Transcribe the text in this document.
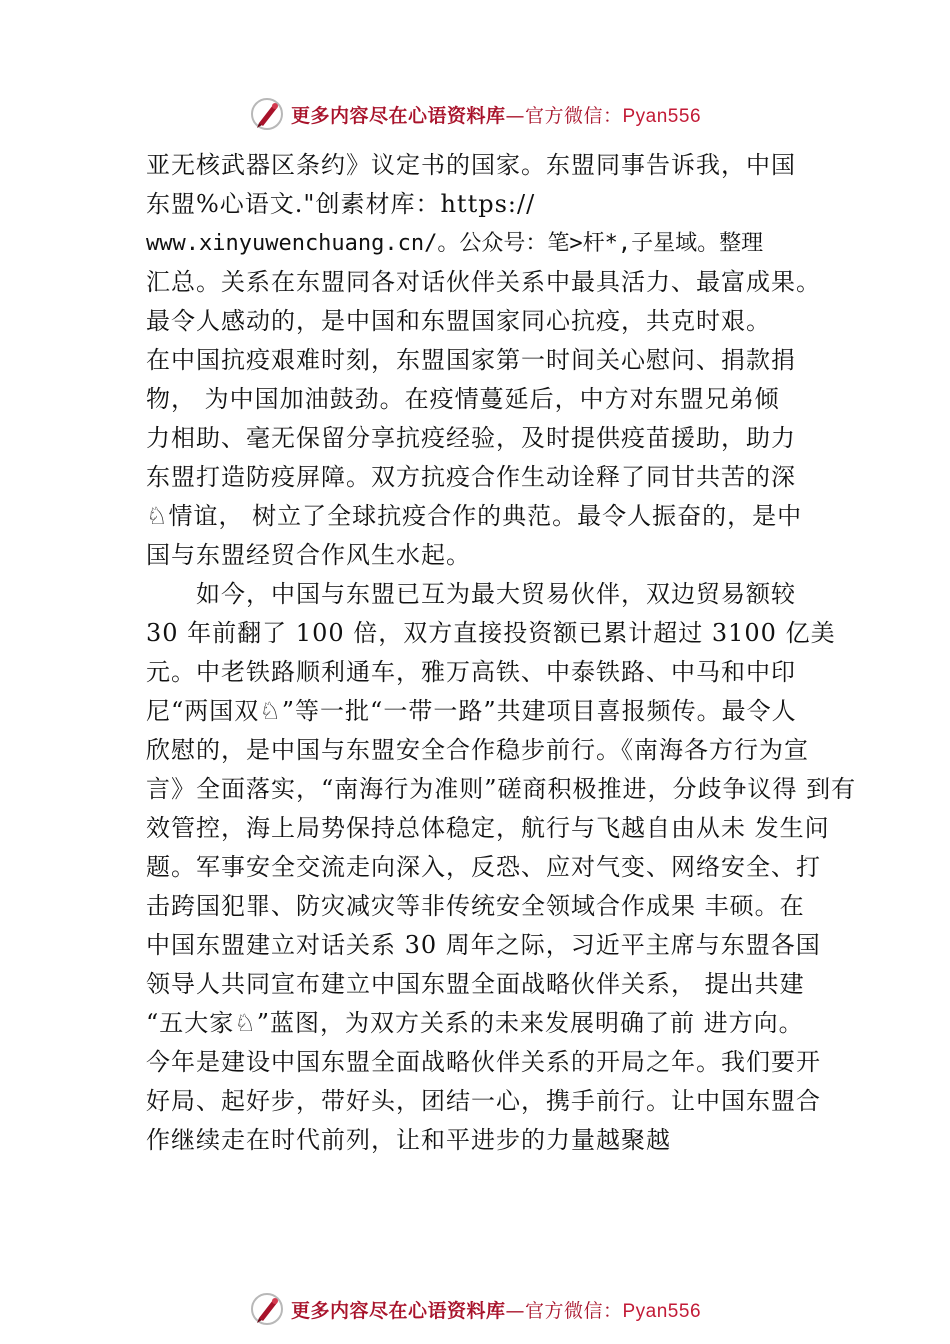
更多内容尽在心语资料库—官方微信：Pyan556
亚无核武器区条约》议定书的国家。东盟同事告诉我，中国
东盟%心语文."创素材库：https://
www.xinyuwenchuang.cn/。公众号：笔>杆*,子星域。整理
汇总。关系在东盟同各对话伙伴关系中最具活力、最富成果。
最令人感动的，是中国和东盟国家同心抗疫，共克时艰。
在中国抗疫艰难时刻，东盟国家第一时间关心慰问、捐款捐
物， 为中国加油鼓劲。在疫情蔓延后，中方对东盟兄弟倾
力相助、毫无保留分享抗疫经验，及时提供疫苗援助，助力
东盟打造防疫屏障。双方抗疫合作生动诠释了同甘共苦的深
♘情谊， 树立了全球抗疫合作的典范。最令人振奋的，是中
国与东盟经贸合作风生水起。
如今，中国与东盟已互为最大贸易伙伴，双边贸易额较
30 年前翻了 100 倍，双方直接投资额已累计超过 3100 亿美
元。中老铁路顺利通车，雅万高铁、中泰铁路、中马和中印
尼“两国双♘”等一批“一带一路”共建项目喜报频传。最令人
欣慰的，是中国与东盟安全合作稳步前行。《南海各方行为宣
言》全面落实，“南海行为准则”磋商积极推进，分歧争议得 到有
效管控，海上局势保持总体稳定，航行与飞越自由从未 发生问
题。军事安全交流走向深入，反恐、应对气变、网络安全、打
击跨国犯罪、防灾减灾等非传统安全领域合作成果 丰硕。在
中国东盟建立对话关系 30 周年之际，习近平主席与东盟各国
领导人共同宣布建立中国东盟全面战略伙伴关系， 提出共建
“五大家♘”蓝图，为双方关系的未来发展明确了前 进方向。
今年是建设中国东盟全面战略伙伴关系的开局之年。我们要开
好局、起好步，带好头，团结一心，携手前行。让中国东盟合
作继续走在时代前列，让和平进步的力量越聚越
更多内容尽在心语资料库—官方微信：Pyan556
